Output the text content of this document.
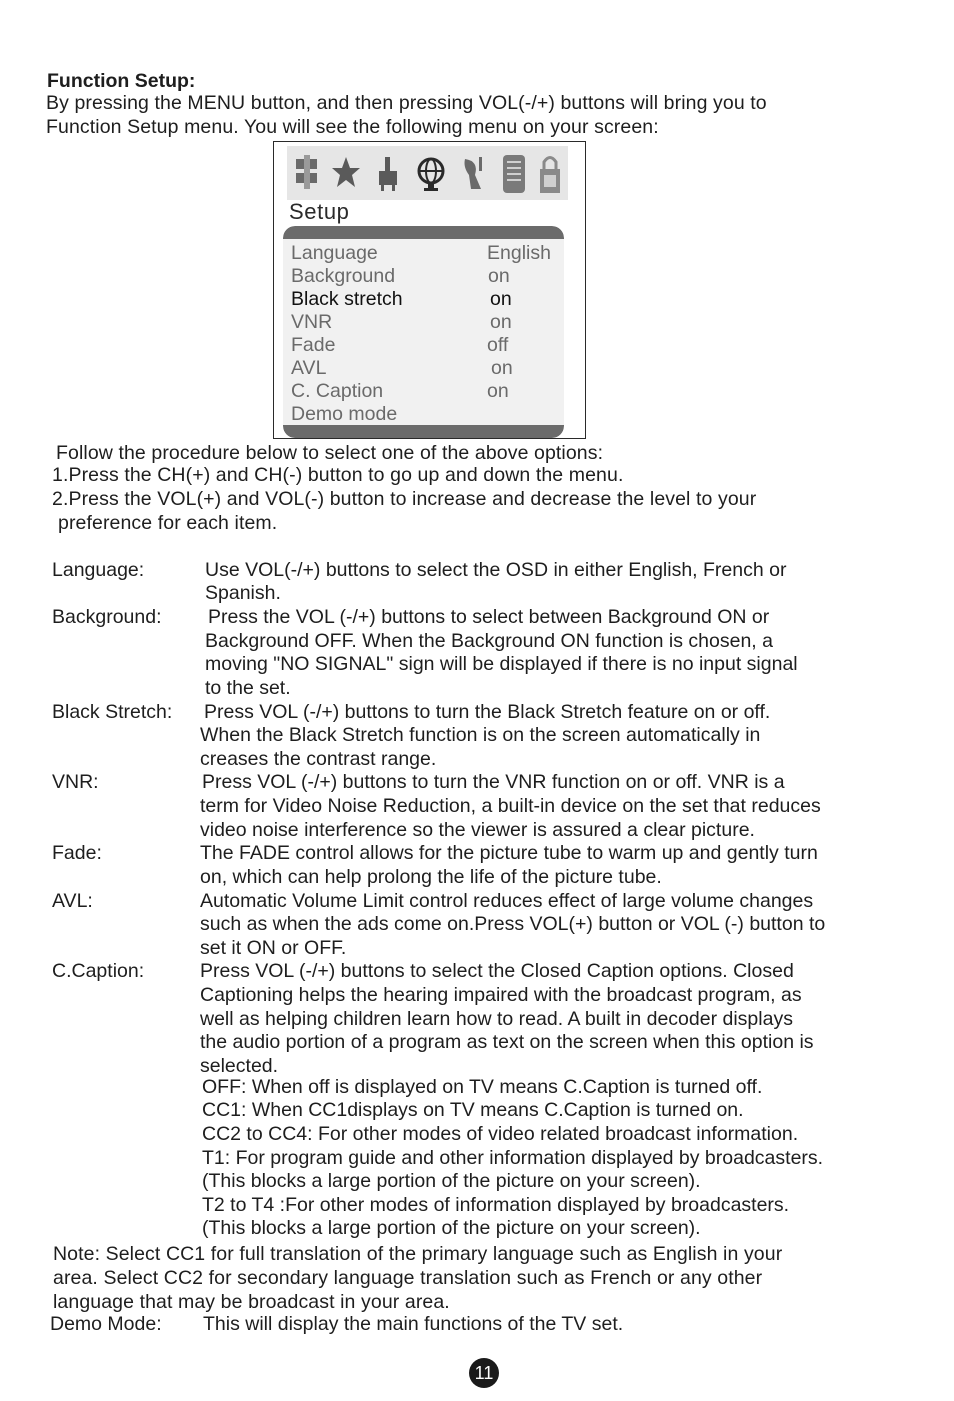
Function Setup:
By pressing the MENU button, and then pressing VOL(-/+) buttons will bring you to
Function Setup menu. You will see the following menu on your screen:
Setup
Language	English
Background	on
Black stretch	on
VNR	on
Fade	off
AVL	on
C. Caption	on
Demo mode
Follow the procedure below to select one of the above options:
1.Press the CH(+) and CH(-) button to go up and down the menu.
2.Press the VOL(+) and VOL(-) button to increase and decrease the level to your
preference for each item.
Language:	Use VOL(-/+) buttons to select the OSD in either English, French or
Spanish.
Background: Press the VOL (-/+) buttons to select between Background ON or
Background OFF. When the Background ON function is chosen, a
moving "NO SIGNAL" sign will be displayed if there is no input signal
to the set.
Black Stretch: Press VOL (-/+) buttons to turn the Black Stretch feature on or off.
When the Black Stretch function is on the screen automatically in
creases the contrast range.
VNR:	Press VOL (-/+) buttons to turn the VNR function on or off. VNR is a
term for Video Noise Reduction, a built-in device on the set that reduces
video noise interference so the viewer is assured a clear picture.
Fade:	The FADE control allows for the picture tube to warm up and gently turn
on, which can help prolong the life of the picture tube.
AVL:	Automatic Volume Limit control reduces effect of large volume changes
such as when the ads come on.Press VOL(+) button or VOL (-) button to
set it ON or OFF.
C.Caption:	Press VOL (-/+) buttons to select the Closed Caption options. Closed
Captioning helps the hearing impaired with the broadcast program, as
well as helping children learn how to read. A built in decoder displays
the audio portion of a program as text on the screen when this option is
selected.
OFF: When off is displayed on TV means C.Caption is turned off.
CC1: When CC1displays on TV means C.Caption is turned on.
CC2 to CC4: For other modes of video related broadcast information.
T1: For program guide and other information displayed by broadcasters.
(This blocks a large portion of the picture on your screen).
T2 to T4 :For other modes of information displayed by broadcasters.
(This blocks a large portion of the picture on your screen).
Note: Select CC1 for full translation of the primary language such as English in your
area. Select CC2 for secondary language translation such as French or any other
language that may be broadcast in your area.
Demo Mode: This will display the main functions of the TV set.
11
